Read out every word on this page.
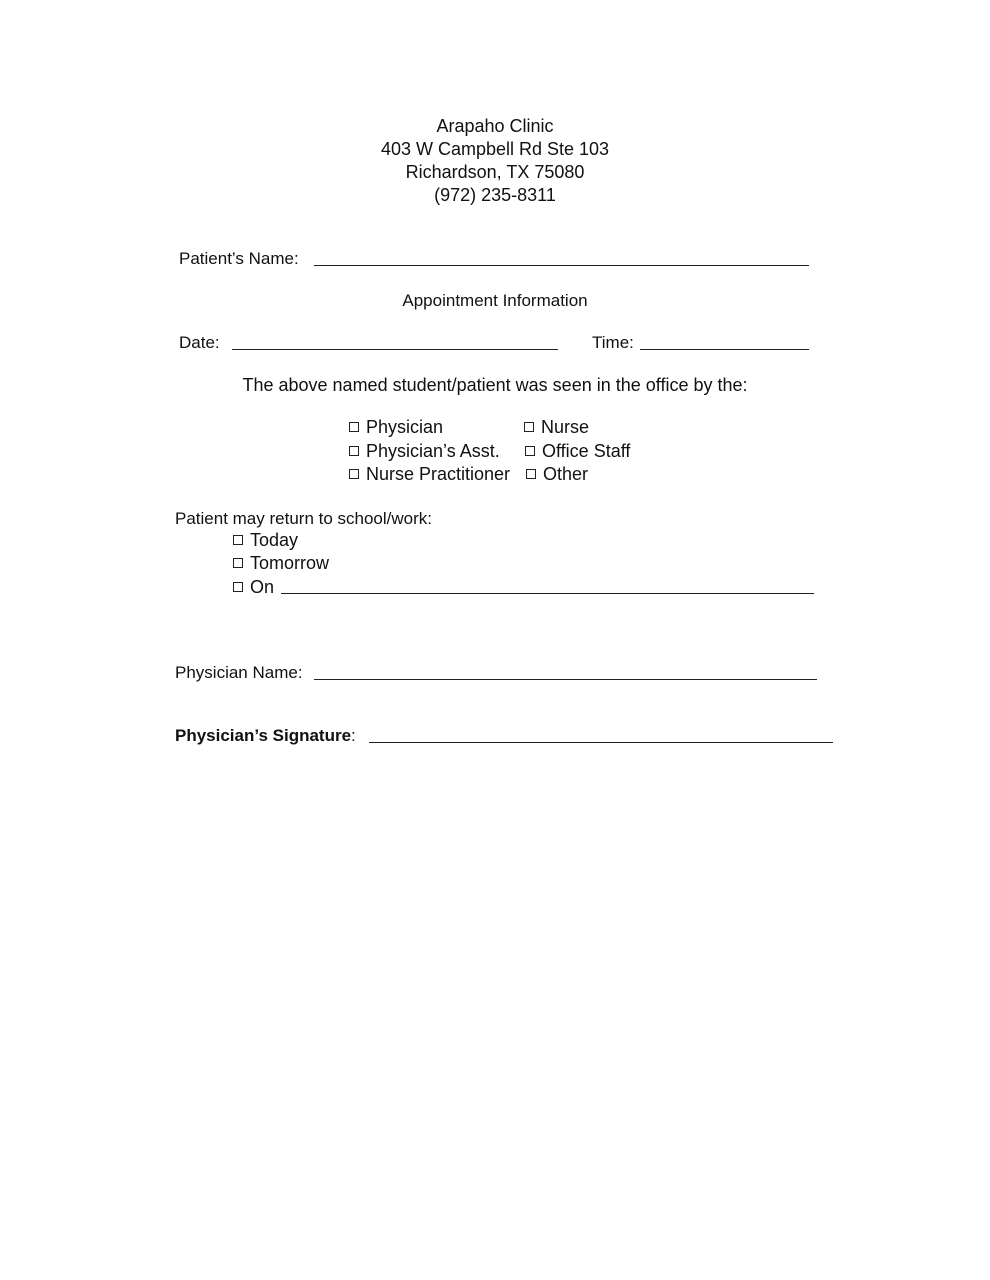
Arapaho Clinic
403 W Campbell Rd Ste 103
Richardson, TX 75080
(972) 235-8311
Patient’s Name:
Appointment Information
Date:	Time:
The above named student/patient was seen in the office by the:
Physician	Nurse
Physician’s Asst.	Office Staff
Nurse Practitioner	Other
Patient may return to school/work:
Today
Tomorrow
On
Physician Name:
Physician’s Signature:
